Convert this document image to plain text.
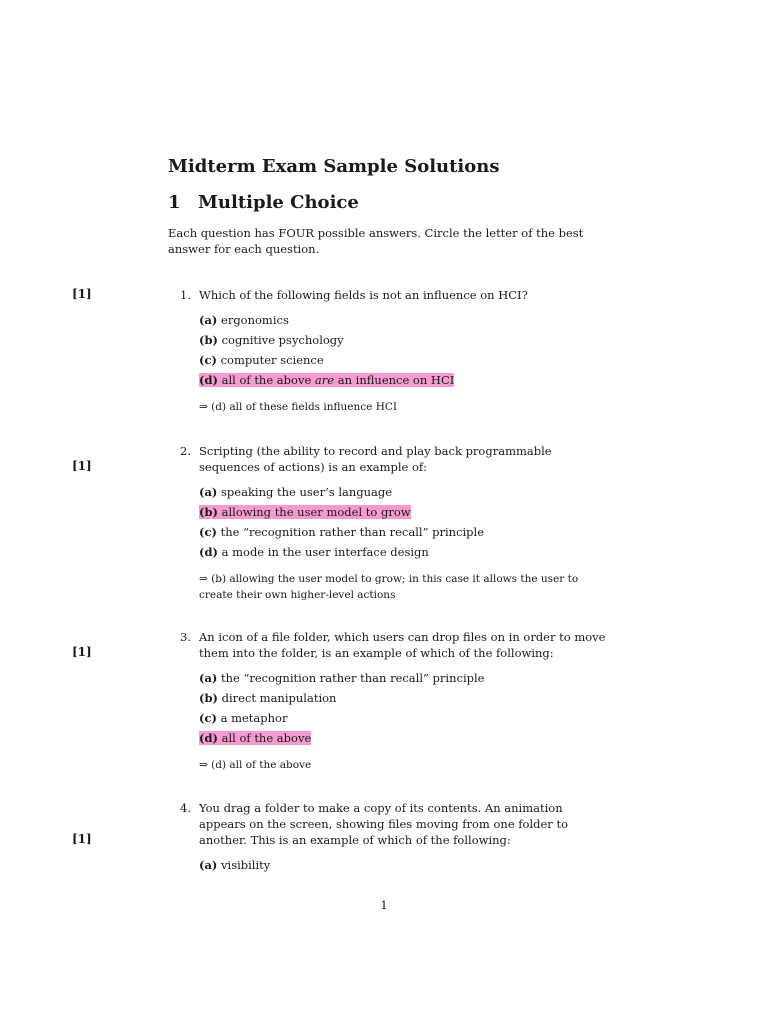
Midterm Exam Sample Solutions
1 Multiple Choice
Each question has FOUR possible answers. Circle the letter of the best answer for each question.
[1]	1. Which of the following fields is not an influence on HCI?
(a) ergonomics
(b) cognitive psychology
(c) computer science
(d) all of the above are an influence on HCI
⇒ (d) all of these fields influence HCI
[1]
2. Scripting (the ability to record and play back programmable sequences of actions) is an example of:
(a) speaking the user’s language
(b) allowing the user model to grow
(c) the “recognition rather than recall” principle
(d) a mode in the user interface design
⇒ (b) allowing the user model to grow; in this case it allows the user to create their own higher-level actions
[1]
3. An icon of a file folder, which users can drop files on in order to move them into the folder, is an example of which of the following:
(a) the “recognition rather than recall” principle
(b) direct manipulation
(c) a metaphor
(d) all of the above
⇒ (d) all of the above
[1]
4. You drag a folder to make a copy of its contents. An animation appears on the screen, showing files moving from one folder to another. This is an example of which of the following:
(a) visibility
1
